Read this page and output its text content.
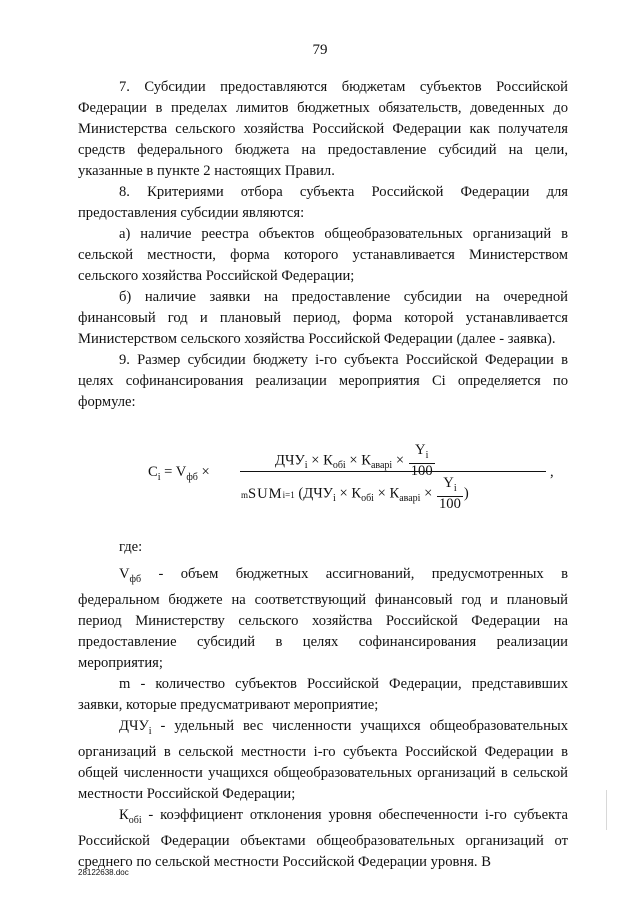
79

7. Субсидии предоставляются бюджетам субъектов Российской Федерации в пределах лимитов бюджетных обязательств, доведенных до Министерства сельского хозяйства Российской Федерации как получателя средств федерального бюджета на предоставление субсидий на цели, указанные в пункте 2 настоящих Правил.

8. Критериями отбора субъекта Российской Федерации для предоставления субсидии являются:

а) наличие реестра объектов общеобразовательных организаций в сельской местности, форма которого устанавливается Министерством сельского хозяйства Российской Федерации;

б) наличие заявки на предоставление субсидии на очередной финансовый год и плановый период, форма которой устанавливается Министерством сельского хозяйства Российской Федерации (далее - заявка).

9. Размер субсидии бюджету i-го субъекта Российской Федерации в целях софинансирования реализации мероприятия Ci определяется по формуле:

$C_i = V_{фб}$ ×
$ДЧУ_i \times К_{обi} \times К_{аварi} \times \frac{Y_i}{100}$
mSUMi=1 ($ДЧУ_i \times К_{обi} \times К_{аварi} \times \frac{Y_i}{100}$ )
,

где:

$V_{фб}$ - объем бюджетных ассигнований, предусмотренных в федеральном бюджете на соответствующий финансовый год и плановый период Министерству сельского хозяйства Российской Федерации на предоставление субсидий в целях софинансирования реализации мероприятия;

m - количество субъектов Российской Федерации, представивших заявки, которые предусматривают мероприятие;

$ДЧУ_i$ - удельный вес численности учащихся общеобразовательных организаций в сельской местности i-го субъекта Российской Федерации в общей численности учащихся общеобразовательных организаций в сельской местности Российской Федерации;

$К_{обi}$ - коэффициент отклонения уровня обеспеченности i-го субъекта Российской Федерации объектами общеобразовательных организаций от среднего по сельской местности Российской Федерации уровня. В

28122638.doc
